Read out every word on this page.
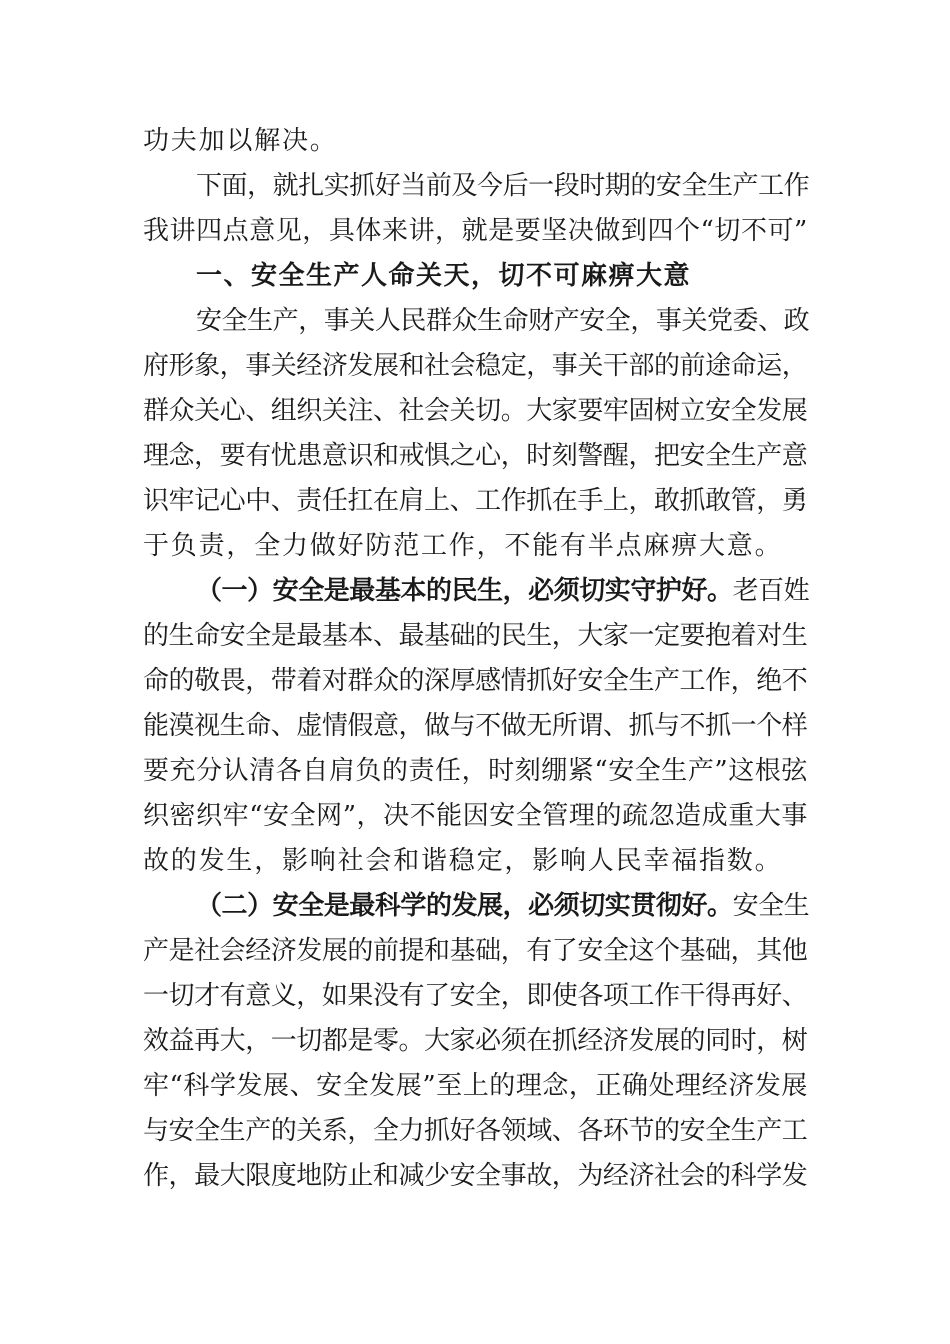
功夫加以解决。
下面，就扎实抓好当前及今后一段时期的安全生产工作
我讲四点意见，具体来讲，就是要坚决做到四个“切不可”
一、安全生产人命关天，切不可麻痹大意
安全生产，事关人民群众生命财产安全，事关党委、政
府形象，事关经济发展和社会稳定，事关干部的前途命运，
群众关心、组织关注、社会关切。大家要牢固树立安全发展
理念，要有忧患意识和戒惧之心，时刻警醒，把安全生产意
识牢记心中、责任扛在肩上、工作抓在手上，敢抓敢管，勇
于负责，全力做好防范工作，不能有半点麻痹大意。
（一）安全是最基本的民生，必须切实守护好。老百姓
的生命安全是最基本、最基础的民生，大家一定要抱着对生
命的敬畏，带着对群众的深厚感情抓好安全生产工作，绝不
能漠视生命、虚情假意，做与不做无所谓、抓与不抓一个样
要充分认清各自肩负的责任，时刻绷紧“安全生产”这根弦
织密织牢“安全网”，决不能因安全管理的疏忽造成重大事
故的发生，影响社会和谐稳定，影响人民幸福指数。
（二）安全是最科学的发展，必须切实贯彻好。安全生
产是社会经济发展的前提和基础，有了安全这个基础，其他
一切才有意义，如果没有了安全，即使各项工作干得再好、
效益再大，一切都是零。大家必须在抓经济发展的同时，树
牢“科学发展、安全发展”至上的理念，正确处理经济发展
与安全生产的关系，全力抓好各领域、各环节的安全生产工
作，最大限度地防止和减少安全事故，为经济社会的科学发
